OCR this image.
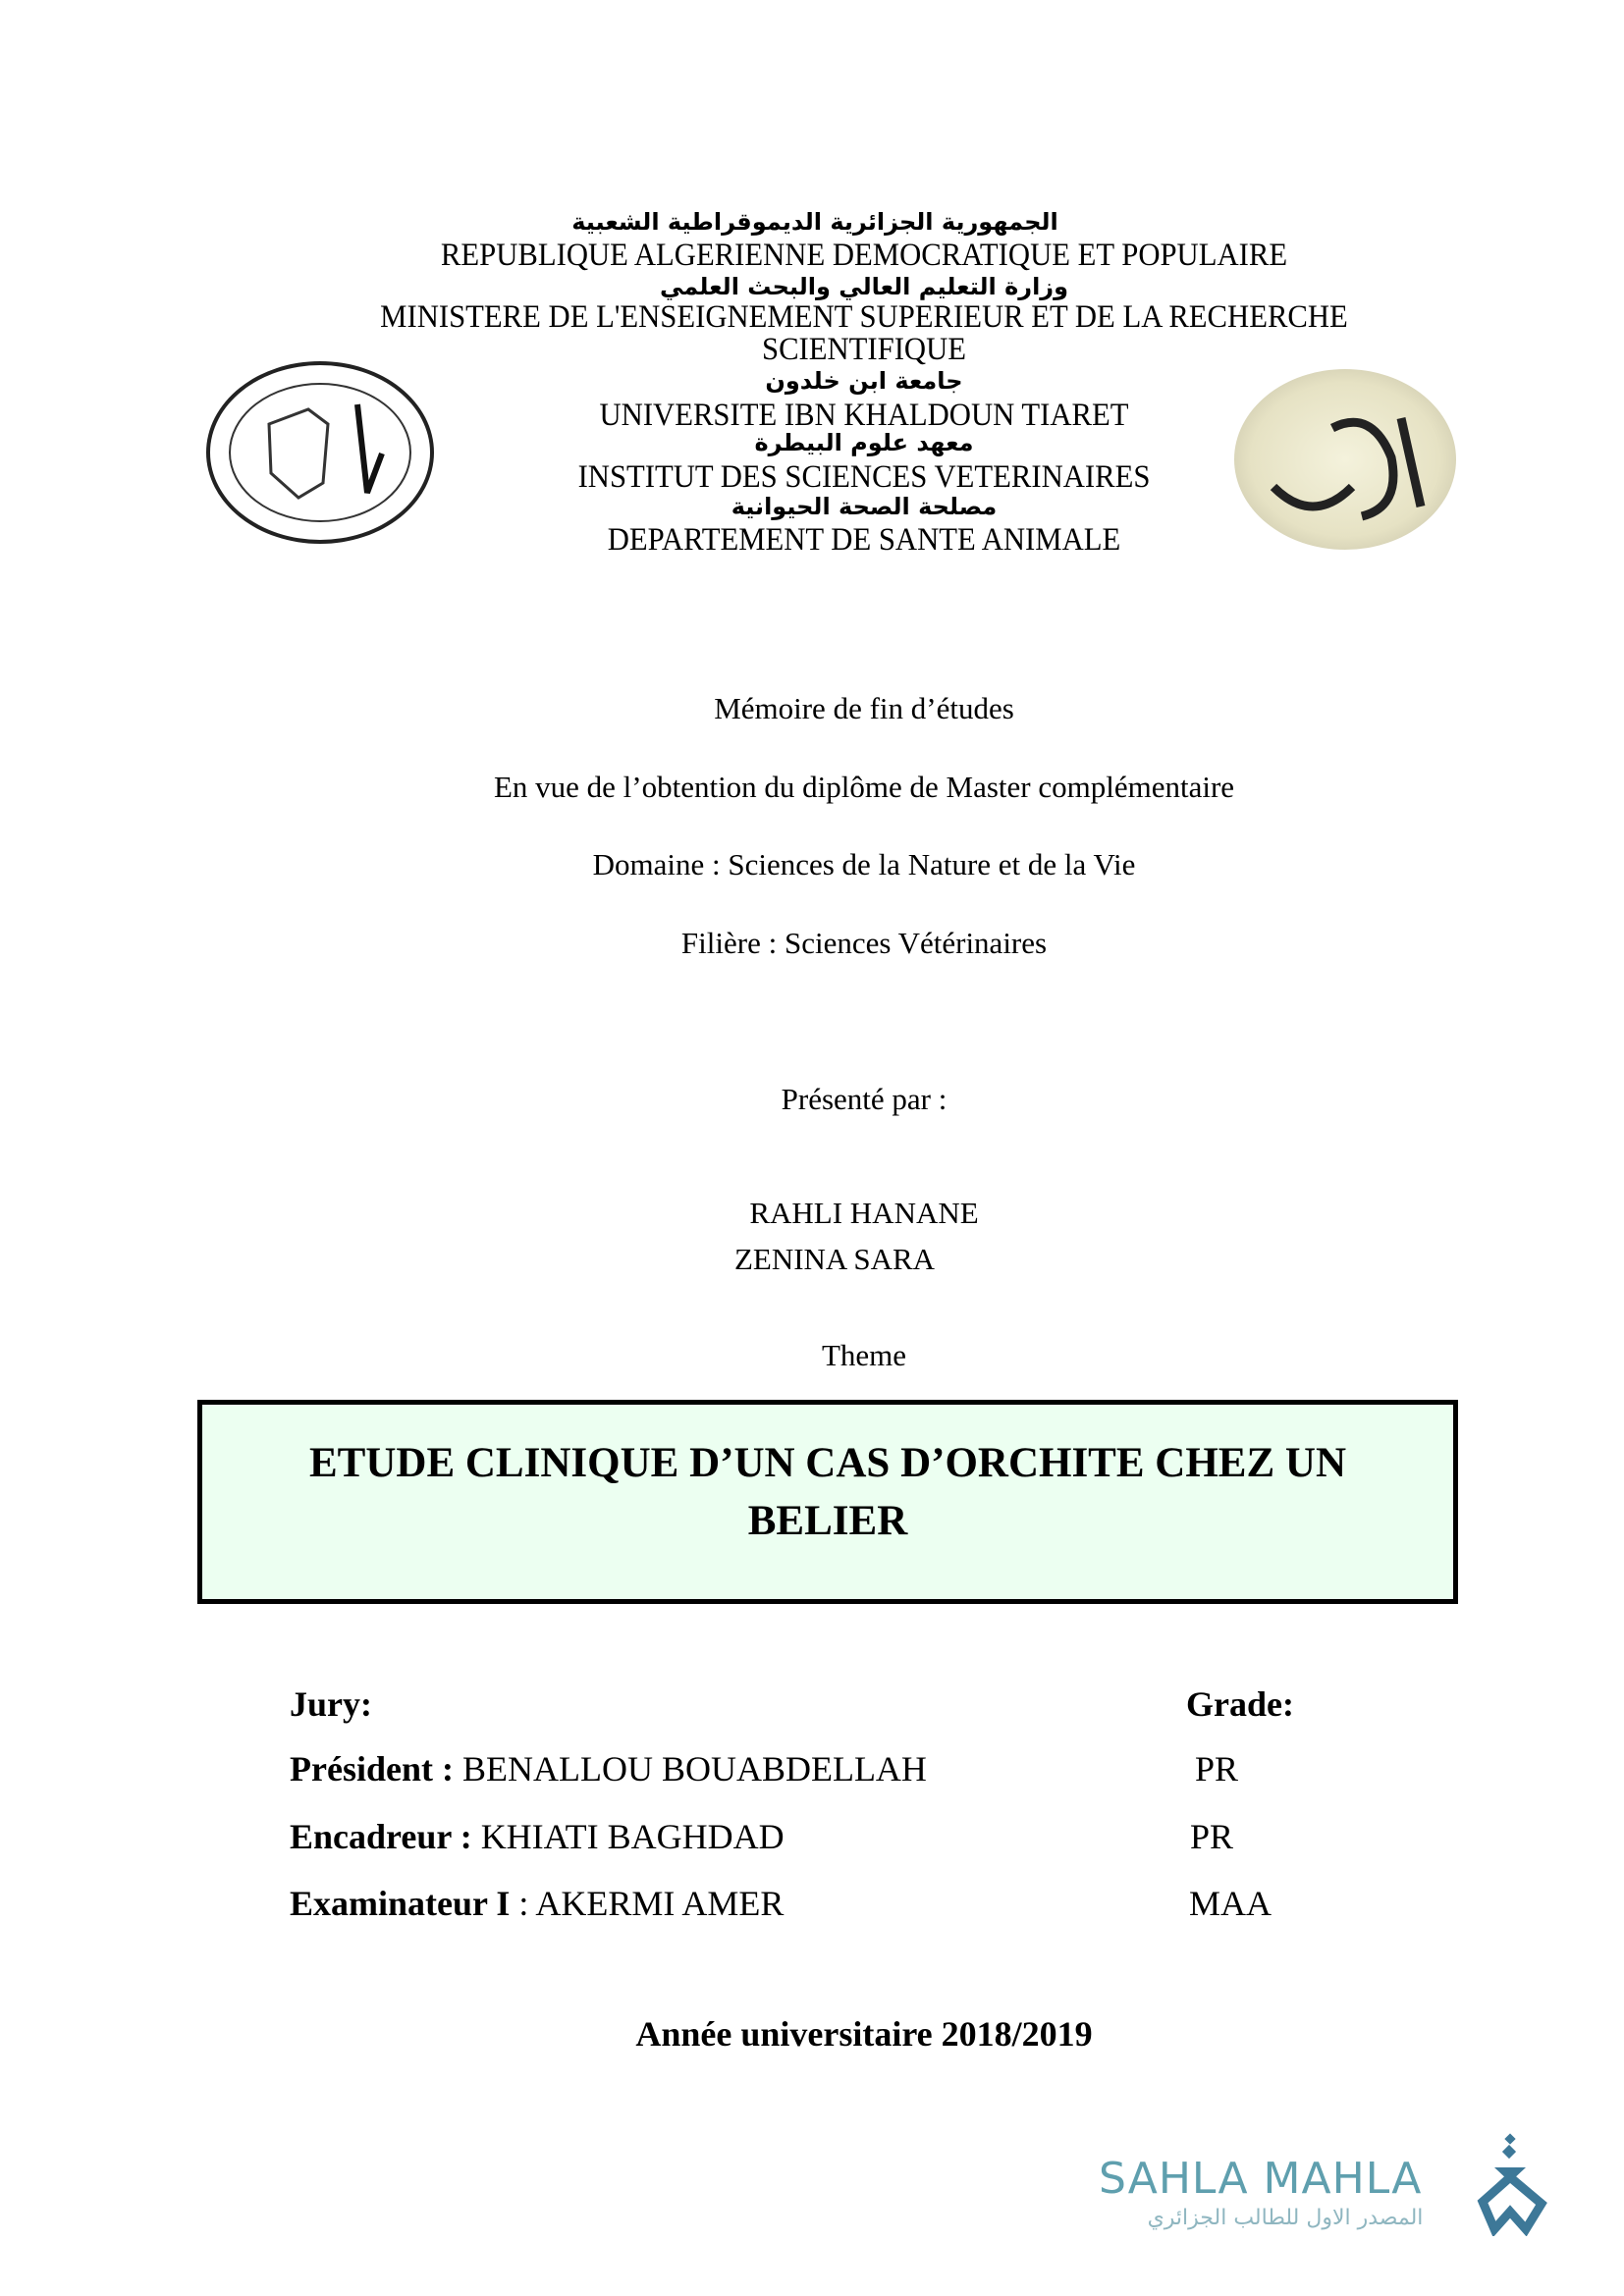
الجمهورية الجزائرية الديموقراطية الشعبية
REPUBLIQUE ALGERIENNE DEMOCRATIQUE ET POPULAIRE
وزارة التعليم العالي والبحث العلمي
MINISTERE DE L'ENSEIGNEMENT SUPERIEUR ET DE LA RECHERCHE
SCIENTIFIQUE
جامعة ابن خلدون
UNIVERSITE IBN KHALDOUN TIARET
معهد علوم البيطرة
INSTITUT DES SCIENCES VETERINAIRES
مصلحة الصحة الحيوانية
DEPARTEMENT DE SANTE ANIMALE
Mémoire de fin d’études
En vue de l’obtention du diplôme de Master complémentaire
Domaine : Sciences de la Nature et de la Vie
Filière : Sciences Vétérinaires
Présenté par :
RAHLI HANANE
ZENINA SARA
Theme
ETUDE CLINIQUE D’UN CAS D’ORCHITE CHEZ UN
BELIER
Jury:	Grade:
Président : BENALLOU BOUABDELLAH	PR
Encadreur : KHIATI BAGHDAD	PR
Examinateur I : AKERMI AMER	MAA
Année universitaire 2018/2019
SAHLA MAHLA
المصدر الاول للطالب الجزائري
